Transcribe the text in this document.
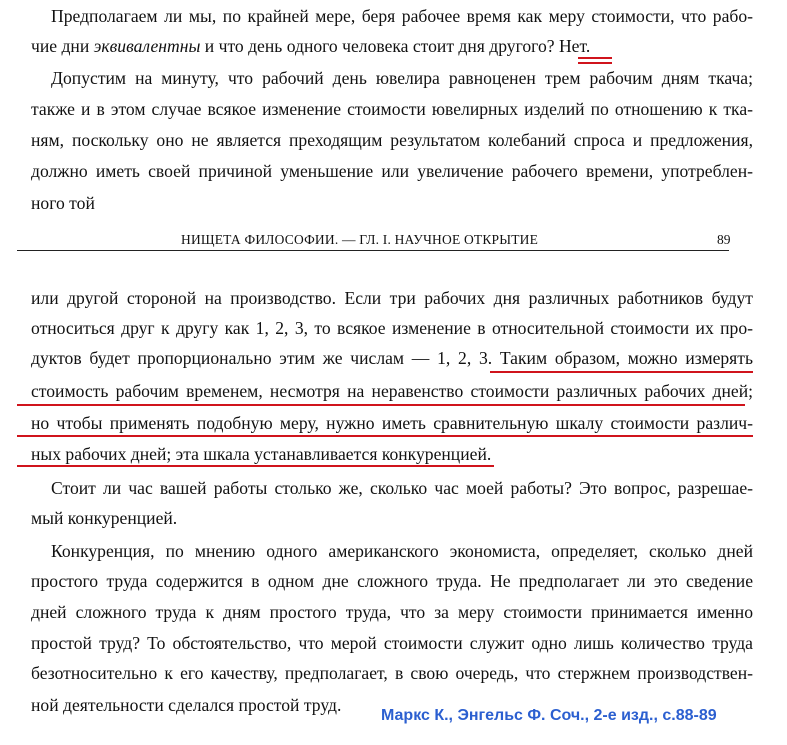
Предполагаем ли мы, по крайней мере, беря рабочее время как меру стоимости, что рабо-
чие дни эквивалентны и что день одного человека стоит дня другого? Нет.
Допустим на минуту, что рабочий день ювелира равноценен трем рабочим дням ткача;
также и в этом случае всякое изменение стоимости ювелирных изделий по отношению к тка-
ням, поскольку оно не является преходящим результатом колебаний спроса и предложения,
должно иметь своей причиной уменьшение или увеличение рабочего времени, употреблен-
ного той
НИЩЕТА ФИЛОСОФИИ. — ГЛ. I. НАУЧНОЕ ОТКРЫТИЕ	89
или другой стороной на производство. Если три рабочих дня различных работников будут
относиться друг к другу как 1, 2, 3, то всякое изменение в относительной стоимости их про-
дуктов будет пропорционально этим же числам — 1, 2, 3. Таким образом, можно измерять
стоимость рабочим временем, несмотря на неравенство стоимости различных рабочих дней;
но чтобы применять подобную меру, нужно иметь сравнительную шкалу стоимости различ-
ных рабочих дней; эта шкала устанавливается конкуренцией.
Стоит ли час вашей работы столько же, сколько час моей работы? Это вопрос, разрешае-
мый конкуренцией.
Конкуренция, по мнению одного американского экономиста, определяет, сколько дней
простого труда содержится в одном дне сложного труда. Не предполагает ли это сведение
дней сложного труда к дням простого труда, что за меру стоимости принимается именно
простой труд? То обстоятельство, что мерой стоимости служит одно лишь количество труда
безотносительно к его качеству, предполагает, в свою очередь, что стержнем производствен-
ной деятельности сделался простой труд.
Маркс К., Энгельс Ф. Соч., 2-е изд., с.88-89
